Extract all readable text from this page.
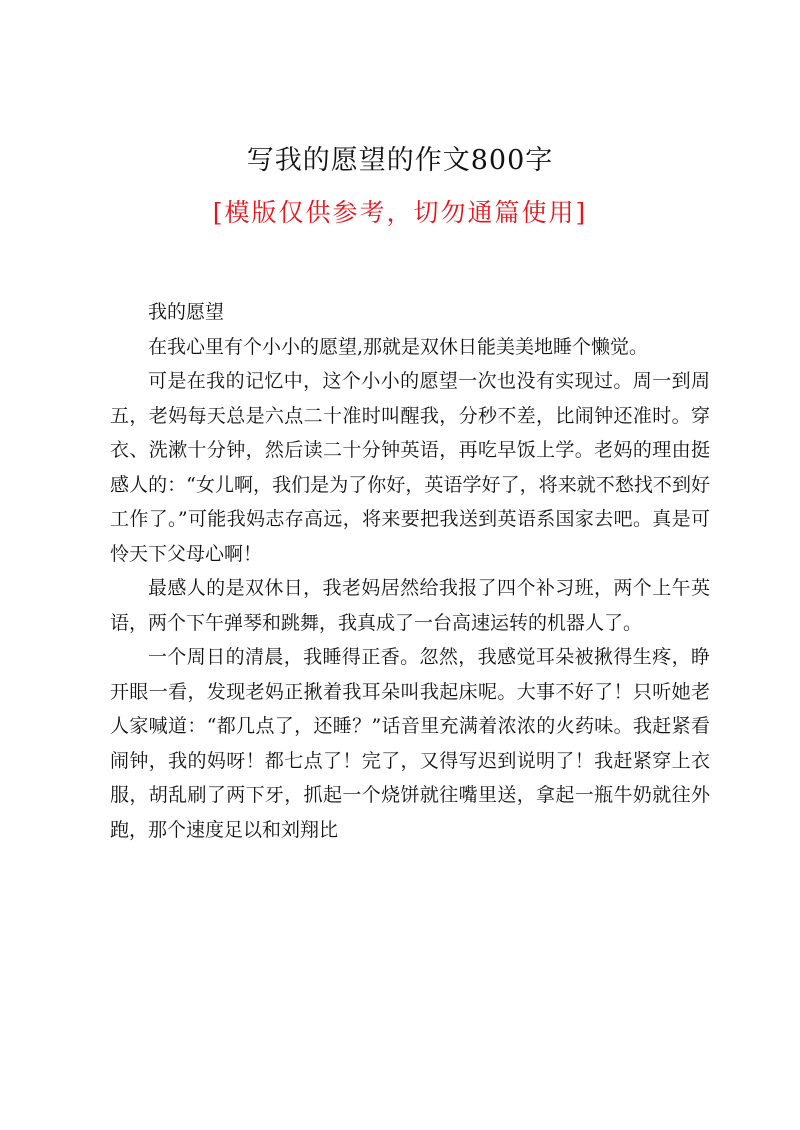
写我的愿望的作文800字
[模版仅供参考，切勿通篇使用]

我的愿望

在我心里有个小小的愿望,那就是双休日能美美地睡个懒觉。

可是在我的记忆中，这个小小的愿望一次也没有实现过。周一到周五，老妈每天总是六点二十准时叫醒我，分秒不差，比闹钟还准时。穿衣、洗漱十分钟，然后读二十分钟英语，再吃早饭上学。老妈的理由挺感人的：“女儿啊，我们是为了你好，英语学好了，将来就不愁找不到好工作了。”可能我妈志存高远，将来要把我送到英语系国家去吧。真是可怜天下父母心啊！

最感人的是双休日，我老妈居然给我报了四个补习班，两个上午英语，两个下午弹琴和跳舞，我真成了一台高速运转的机器人了。

一个周日的清晨，我睡得正香。忽然，我感觉耳朵被揪得生疼，睁开眼一看，发现老妈正揪着我耳朵叫我起床呢。大事不好了！只听她老人家喊道：“都几点了，还睡？”话音里充满着浓浓的火药味。我赶紧看闹钟，我的妈呀！都七点了！完了，又得写迟到说明了！我赶紧穿上衣服，胡乱刷了两下牙，抓起一个烧饼就往嘴里送，拿起一瓶牛奶就往外跑，那个速度足以和刘翔比
